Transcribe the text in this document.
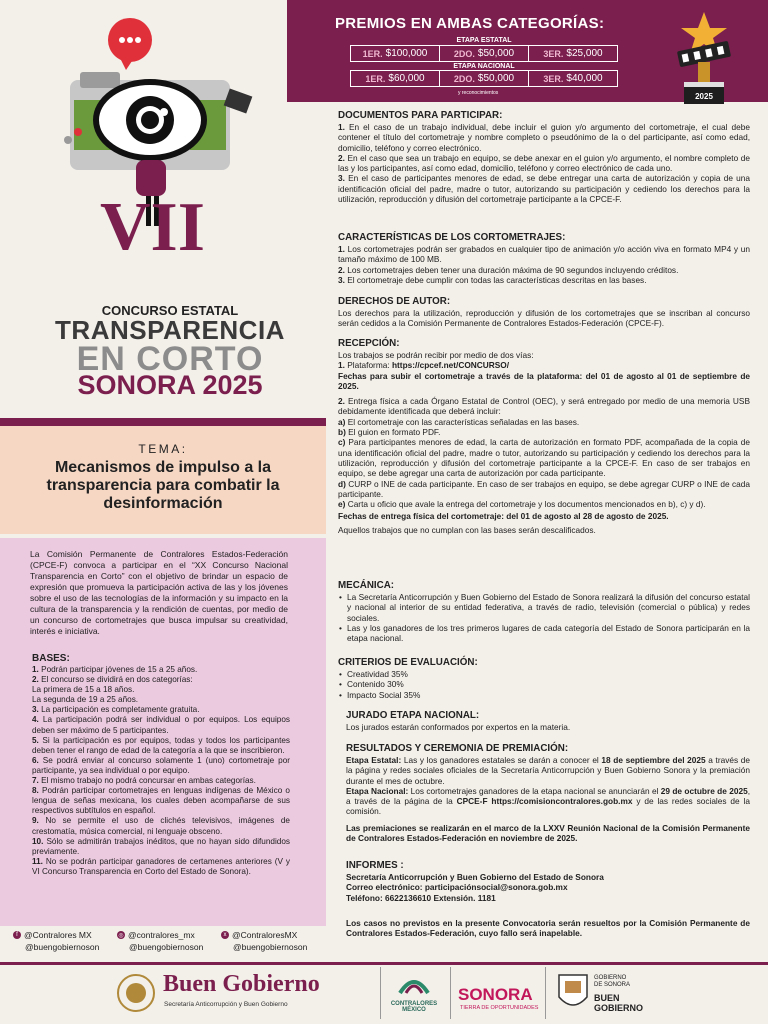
PREMIOS EN AMBAS CATEGORÍAS:
ETAPA ESTATAL
1ER. $100,000	2DO. $50,000	3ER. $25,000
ETAPA NACIONAL
1ER. $60,000	2DO. $50,000	3ER. $40,000
y reconocimientos	2025
VII
CONCURSO ESTATAL
TRANSPARENCIA
EN CORTO
SONORA 2025
TEMA:
Mecanismos de impulso a la transparencia para combatir la desinformación
La Comisión Permanente de Contralores Estados-Federación (CPCE-F) convoca a participar en el “XX Concurso Nacional Transparencia en Corto” con el objetivo de brindar un espacio de expresión que promueva la participación activa de las y los jóvenes sobre el uso de las tecnologías de la información y su impacto en la cultura de la transparencia y la rendición de cuentas, por medio de un concurso de cortometrajes que busca impulsar su creatividad, interés e iniciativa.
BASES:
1. Podrán participar jóvenes de 15 a 25 años.
2. El concurso se dividirá en dos categorías:
La primera de 15 a 18 años.
La segunda de 19 a 25 años.
3. La participación es completamente gratuita.
4. La participación podrá ser individual o por equipos. Los equipos deben ser máximo de 5 participantes.
5. Si la participación es por equipos, todas y todos los participantes deben tener el rango de edad de la categoría a la que se inscribieron.
6. Se podrá enviar al concurso solamente 1 (uno) cortometraje por participante, ya sea individual o por equipo.
7. El mismo trabajo no podrá concursar en ambas categorías.
8. Podrán participar cortometrajes en lenguas indígenas de México o lengua de señas mexicana, los cuales deben acompañarse de sus respectivos subtítulos en español.
9. No se permite el uso de clichés televisivos, imágenes de crestomatía, música comercial, ni lenguaje obsceno.
10. Sólo se admitirán trabajos inéditos, que no hayan sido difundidos previamente.
11. No se podrán participar ganadores de certamenes anteriores (V y VI Concurso Transparencia en Corto del Estado de Sonora).
f @Contralores MX
@buengobiernoson
◎ @contralores_mx
@buengobiernoson
x @ContraloresMX
@buengobiernoson
DOCUMENTOS PARA PARTICIPAR:

1. En el caso de un trabajo individual, debe incluir el guion y/o argumento del cortometraje, el cual debe contener el título del cortometraje y nombre completo o pseudónimo de la o del participante, así como edad, domicilio, teléfono y correo electrónico.

2. En el caso que sea un trabajo en equipo, se debe anexar en el guion y/o argumento, el nombre completo de las y los participantes, así como edad, domicilio, teléfono y correo electrónico de cada uno.

3. En el caso de participantes menores de edad, se debe entregar una carta de autorización y copia de una identificación oficial del padre, madre o tutor, autorizando su participación y cediendo los derechos para la utilización, reproducción y difusión del cortometraje participante a la CPCE-F.

CARACTERÍSTICAS DE LOS CORTOMETRAJES:

1. Los cortometrajes podrán ser grabados en cualquier tipo de animación y/o acción viva en formato MP4 y un tamaño máximo de 100 MB.

2. Los cortometrajes deben tener una duración máxima de 90 segundos incluyendo créditos.

3. El cortometraje debe cumplir con todas las características descritas en las bases.

DERECHOS DE AUTOR:

Los derechos para la utilización, reproducción y difusión de los cortometrajes que se inscriban al concurso serán cedidos a la Comisión Permanente de Contralores Estados-Federación (CPCE-F).

RECEPCIÓN:

Los trabajos se podrán recibir por medio de dos vías:

1. Plataforma: https://cpcef.net/CONCURSO/

Fechas para subir el cortometraje a través de la plataforma: del 01 de agosto al 01 de septiembre de 2025.

2. Entrega física a cada Órgano Estatal de Control (OEC), y será entregado por medio de una memoria USB debidamente identificada que deberá incluir:

a) El cortometraje con las características señaladas en las bases.

b) El guion en formato PDF.

c) Para participantes menores de edad, la carta de autorización en formato PDF, acompañada de la copia de una identificación oficial del padre, madre o tutor, autorizando su participación y cediendo los derechos para la utilización, reproducción y difusión del cortometraje participante a la CPCE-F. En caso de ser trabajos en equipo, se debe agregar una carta de autorización por cada participante.

d) CURP o INE de cada participante. En caso de ser trabajos en equipo, se debe agregar CURP o INE de cada participante.

e) Carta u oficio que avale la entrega del cortometraje y los documentos mencionados en b), c) y d).

Fechas de entrega física del cortometraje: del 01 de agosto al 28 de agosto de 2025.

Aquellos trabajos que no cumplan con las bases serán descalificados.

MECÁNICA:
• La Secretaría Anticorrupción y Buen Gobierno del Estado de Sonora realizará la difusión del concurso estatal y nacional al interior de su entidad federativa, a través de radio, televisión (comercial o pública) y redes sociales.
• Las y los ganadores de los tres primeros lugares de cada categoría del Estado de Sonora participarán en la etapa nacional.
CRITERIOS DE EVALUACIÓN:
• Creatividad 35%
• Contenido 30%
• Impacto Social 35%
JURADO ETAPA NACIONAL:

Los jurados estarán conformados por expertos en la materia.

RESULTADOS Y CEREMONIA DE PREMIACIÓN:

Etapa Estatal: Las y los ganadores estatales se darán a conocer el 18 de septiembre del 2025 a través de la página y redes sociales oficiales de la Secretaría Anticorrupción y Buen Gobierno Sonora y la premiación durante el mes de octubre.

Etapa Nacional: Los cortometrajes ganadores de la etapa nacional se anunciarán el 29 de octubre de 2025, a través de la página de la CPCE-F https://comisioncontralores.gob.mx y de las redes sociales de la comisión.

Las premiaciones se realizarán en el marco de la LXXV Reunión Nacional de la Comisión Permanente de Contralores Estados-Federación en noviembre de 2025.

INFORMES :

Secretaría Anticorrupción y Buen Gobierno del Estado de Sonora

Correo electrónico: participaciónsocial@sonora.gob.mx

Teléfono: 6622136610 Extensión. 1181

Los casos no previstos en la presente Convocatoria serán resueltos por la Comisión Permanente de Contralores Estados-Federación, cuyo fallo será inapelable.

Buen Gobierno
Secretaría Anticorrupción y Buen Gobierno	CONTRALORES MÉXICO
SONORA
TIERRA DE OPORTUNIDADES
GOBIERNO
DE SONORA
BUEN
GOBIERNO
